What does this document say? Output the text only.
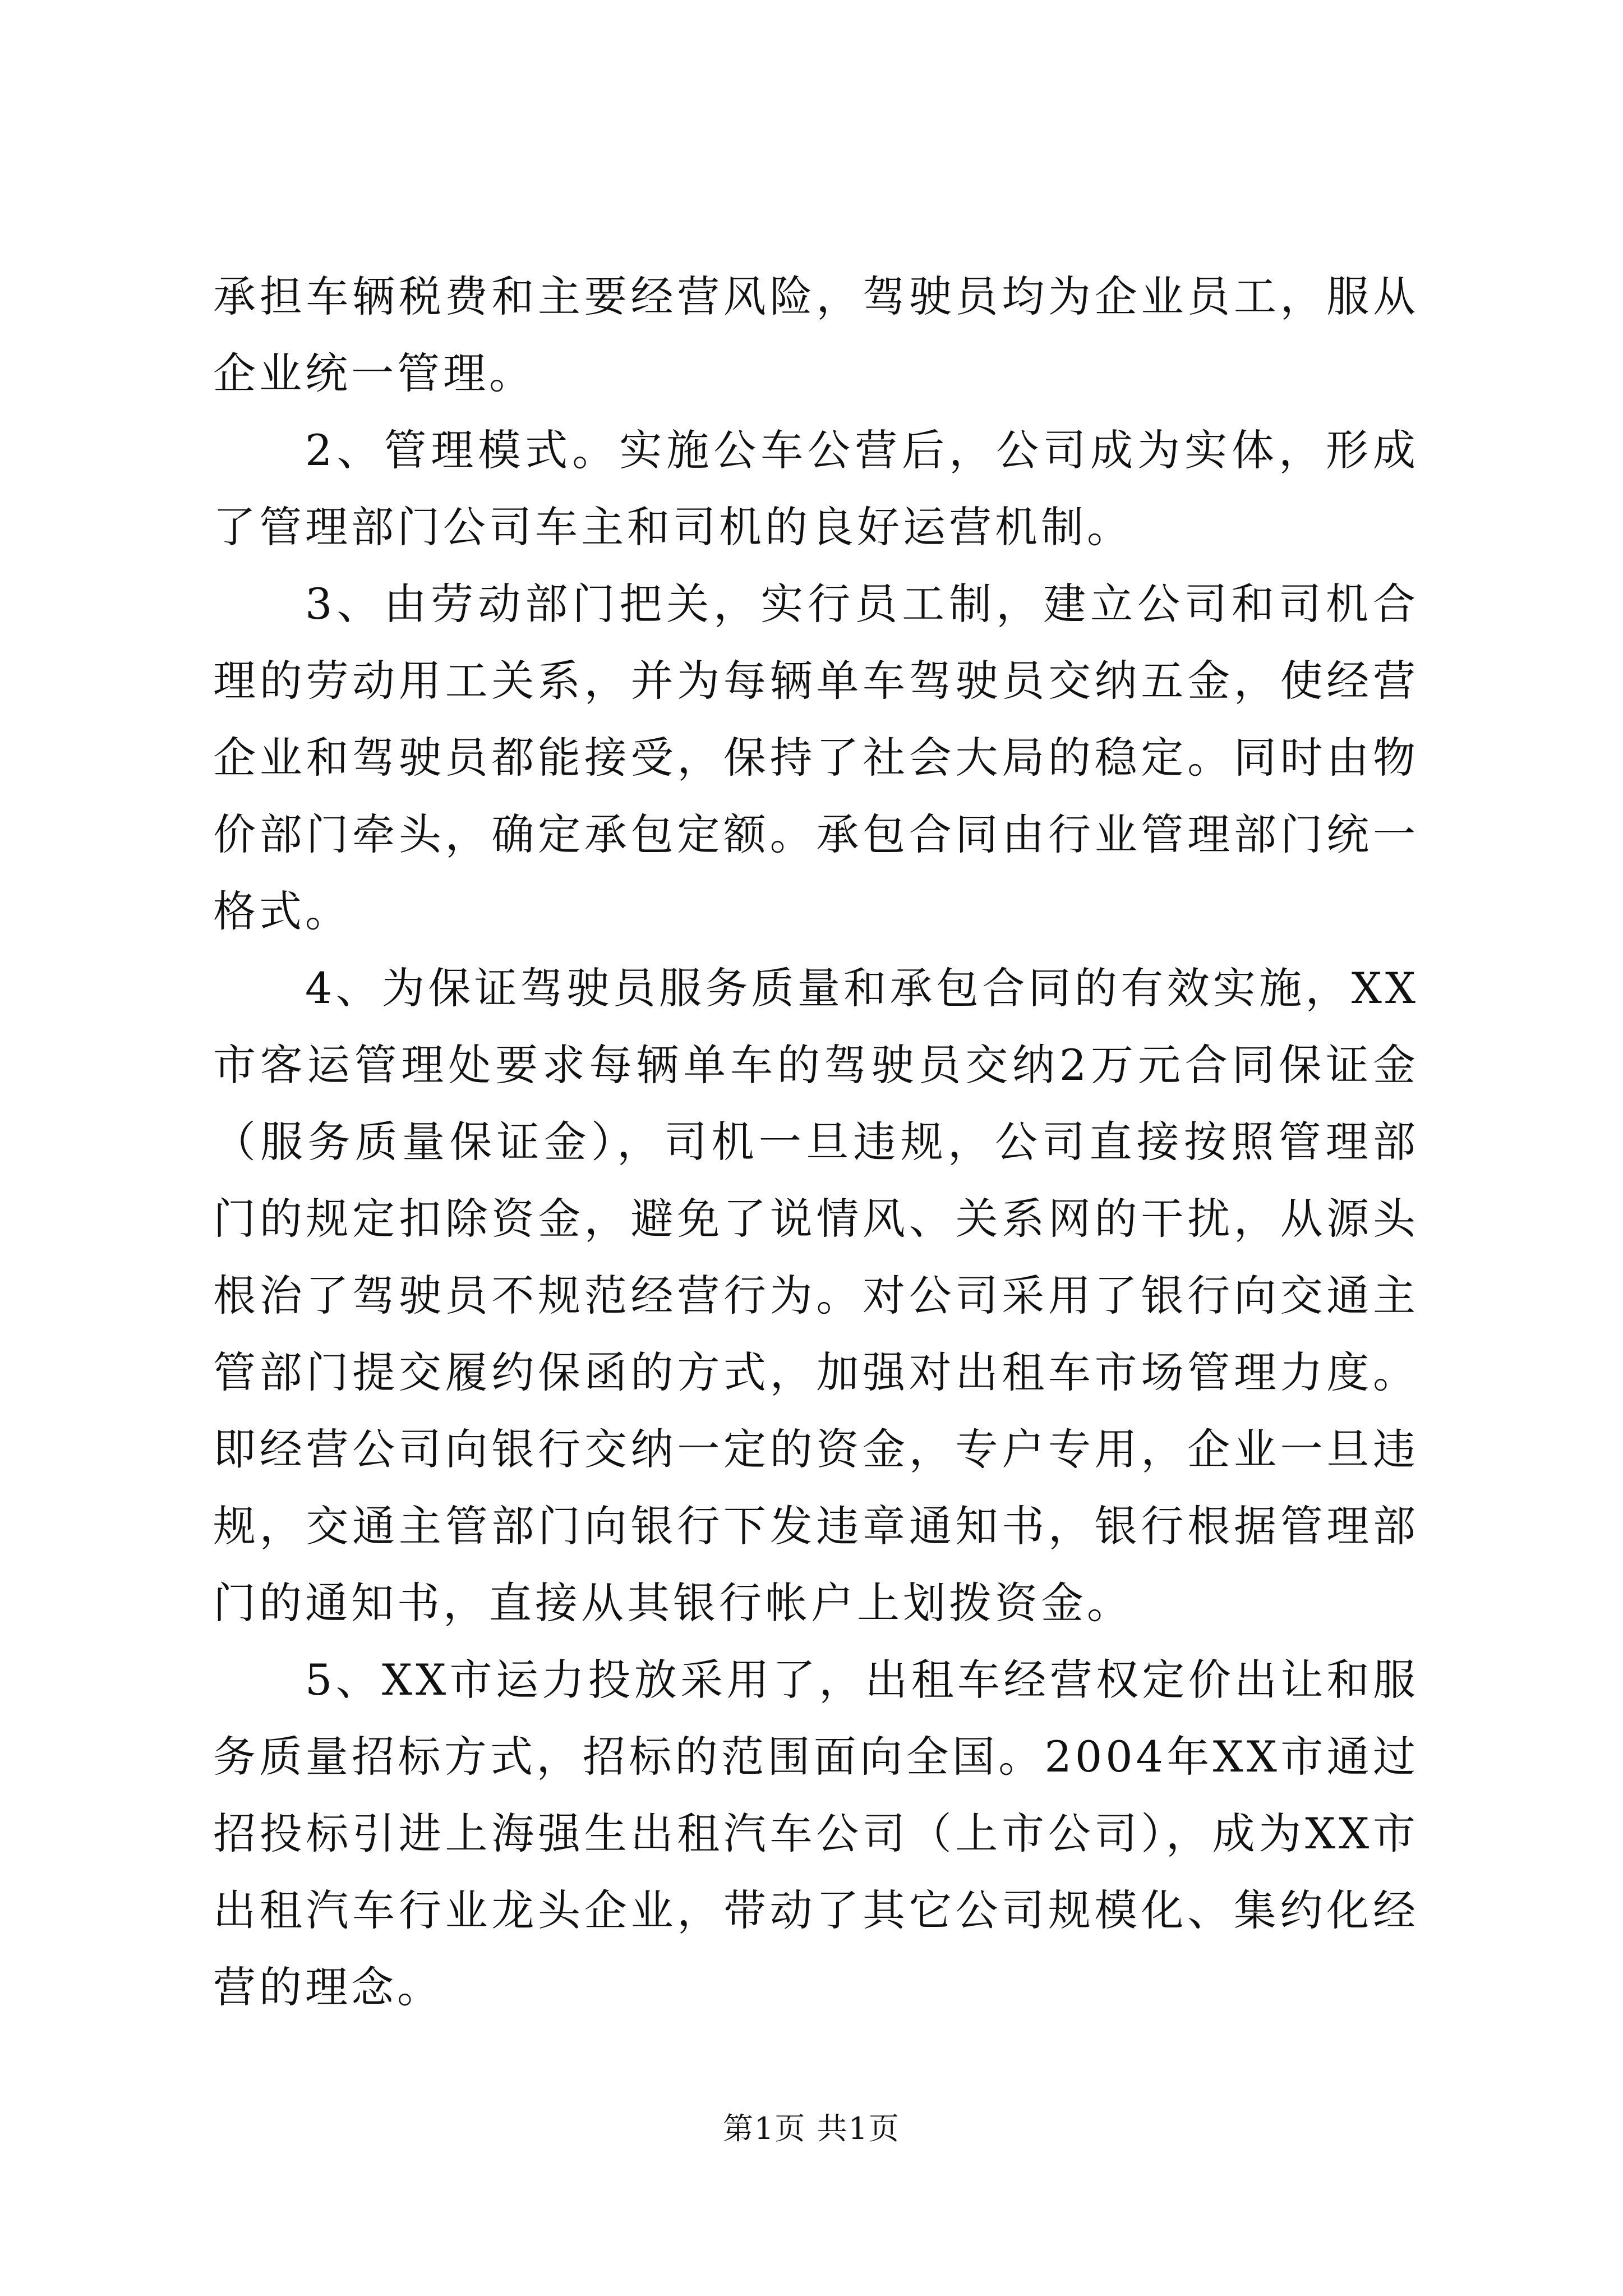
承担车辆税费和主要经营风险，驾驶员均为企业员工，服从企业统一管理。

2、管理模式。实施公车公营后，公司成为实体，形成了管理部门公司车主和司机的良好运营机制。

3、由劳动部门把关，实行员工制，建立公司和司机合理的劳动用工关系，并为每辆单车驾驶员交纳五金，使经营企业和驾驶员都能接受，保持了社会大局的稳定。同时由物价部门牵头，确定承包定额。承包合同由行业管理部门统一格式。

4、为保证驾驶员服务质量和承包合同的有效实施，XX市客运管理处要求每辆单车的驾驶员交纳2万元合同保证金（服务质量保证金），司机一旦违规，公司直接按照管理部门的规定扣除资金，避免了说情风、关系网的干扰，从源头根治了驾驶员不规范经营行为。对公司采用了银行向交通主管部门提交履约保函的方式，加强对出租车市场管理力度。即经营公司向银行交纳一定的资金，专户专用，企业一旦违规，交通主管部门向银行下发违章通知书，银行根据管理部门的通知书，直接从其银行帐户上划拨资金。

5、XX市运力投放采用了，出租车经营权定价出让和服务质量招标方式，招标的范围面向全国。2004年XX市通过招投标引进上海强生出租汽车公司（上市公司），成为XX市出租汽车行业龙头企业，带动了其它公司规模化、集约化经营的理念。

第1页 共1页
